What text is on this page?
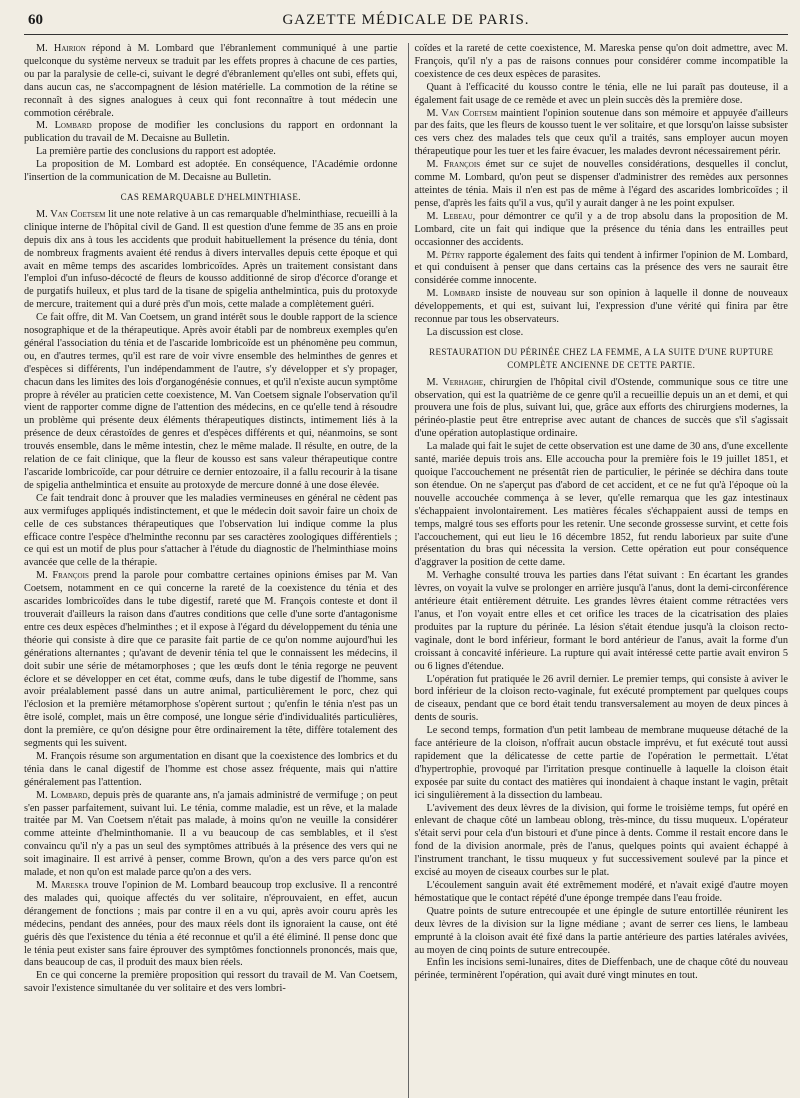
60	GAZETTE MÉDICALE DE PARIS.

M. Hairion répond à M. Lombard que l'ébranlement communiqué à une partie quelconque du système nerveux se traduit par les effets propres à chacune de ces parties, ou par la paralysie de celle-ci, suivant le degré d'ébranlement qu'elles ont subi, effets qui, dans aucun cas, ne s'accompagnent de lésion matérielle. La commotion de la rétine se reconnaît à des signes analogues à ceux qui font reconnaître à tout médecin une commotion cérébrale.

M. Lombard propose de modifier les conclusions du rapport en ordonnant la publication du travail de M. Decaisne au Bulletin.

La première partie des conclusions du rapport est adoptée.

La proposition de M. Lombard est adoptée. En conséquence, l'Académie ordonne l'insertion de la communication de M. Decaisne au Bulletin.

CAS REMARQUABLE D'HELMINTHIASE.

M. Van Coetsem lit une note relative à un cas remarquable d'helminthiase, recueilli à la clinique interne de l'hôpital civil de Gand. Il est question d'une femme de 35 ans en proie depuis dix ans à tous les accidents que produit habituellement la présence du ténia, dont de nombreux fragments avaient été rendus à divers intervalles depuis cette époque et qui avait en même temps des ascarides lombricoïdes. Après un traitement consistant dans l'emploi d'un infuso-décocté de fleurs de kousso additionné de sirop d'écorce d'orange et de purgatifs huileux, et plus tard de la tisane de spigelia anthelmintica, puis du protoxyde de mercure, traitement qui a duré près d'un mois, cette malade a complètement guéri.

Ce fait offre, dit M. Van Coetsem, un grand intérêt sous le double rapport de la science nosographique et de la thérapeutique. Après avoir établi par de nombreux exemples qu'en général l'association du ténia et de l'ascaride lombricoïde est un phénomène peu commun, ou, en d'autres termes, qu'il est rare de voir vivre ensemble des helminthes de genres et d'espèces si différents, l'un indépendamment de l'autre, s'y développer et s'y propager, chacun dans les limites des lois d'organogénésie connues, et qu'il n'existe aucun symptôme propre à révéler au praticien cette coexistence, M. Van Coetsem signale l'observation qu'il vient de rapporter comme digne de l'attention des médecins, en ce qu'elle tend à résoudre un problème qui présente deux éléments thérapeutiques distincts, intimement liés à la présence de deux cérastoïdes de genres et d'espèces différents et qui, néanmoins, se sont trouvés ensemble, dans le même intestin, chez le même malade. Il résulte, en outre, de la relation de ce fait clinique, que la fleur de kousso est sans valeur thérapeutique contre l'ascaride lombricoïde, car pour détruire ce dernier entozoaire, il a fallu recourir à la tisane de spigelia anthelmintica et ensuite au protoxyde de mercure donné à une dose élevée.

Ce fait tendrait donc à prouver que les maladies vermineuses en général ne cèdent pas aux vermifuges appliqués indistinctement, et que le médecin doit savoir faire un choix de celle de ces substances thérapeutiques que l'observation lui indique comme la plus efficace contre l'espèce d'helminthe reconnu par ses caractères zoologiques différentiels ; ce qui est un motif de plus pour s'attacher à l'étude du diagnostic de l'helminthiase moins avancée que celle de la thérapie.

M. François prend la parole pour combattre certaines opinions émises par M. Van Coetsem, notamment en ce qui concerne la rareté de la coexistence du ténia et des ascarides lombricoïdes dans le tube digestif, rareté que M. François conteste et dont il trouverait d'ailleurs la raison dans d'autres conditions que celle d'une sorte d'antagonisme entre ces deux espèces d'helminthes ; et il expose à l'égard du développement du ténia une théorie qui consiste à dire que ce parasite fait partie de ce qu'on nomme aujourd'hui les générations alternantes ; qu'avant de devenir ténia tel que le connaissent les médecins, il doit subir une série de métamorphoses ; que les œufs dont le ténia regorge ne peuvent éclore et se développer en cet état, comme œufs, dans le tube digestif de l'homme, sans avoir préalablement passé dans un autre animal, particulièrement le porc, chez qui l'éclosion et la première métamorphose s'opèrent surtout ; qu'enfin le ténia n'est pas un être isolé, complet, mais un être composé, une longue série d'individualités particulières, dont la première, ce qu'on désigne pour être ordinairement la tête, diffère totalement des segments qui les suivent.

M. François résume son argumentation en disant que la coexistence des lombrics et du ténia dans le canal digestif de l'homme est chose assez fréquente, mais qui n'attire généralement pas l'attention.

M. Lombard, depuis près de quarante ans, n'a jamais administré de vermifuge ; on peut s'en passer parfaitement, suivant lui. Le ténia, comme maladie, est un rêve, et la malade traitée par M. Van Coetsem n'était pas malade, à moins qu'on ne veuille la considérer comme atteinte d'helminthomanie. Il a vu beaucoup de cas semblables, et il s'est convaincu qu'il n'y a pas un seul des symptômes attribués à la présence des vers qui ne soit imaginaire. Il est arrivé à penser, comme Brown, qu'on a des vers parce qu'on est malade, et non qu'on est malade parce qu'on a des vers.

M. Mareska trouve l'opinion de M. Lombard beaucoup trop exclusive. Il a rencontré des malades qui, quoique affectés du ver solitaire, n'éprouvaient, en effet, aucun dérangement de fonctions ; mais par contre il en a vu qui, après avoir couru après les médecins, pendant des années, pour des maux réels dont ils ignoraient la cause, ont été guéris dès que l'existence du ténia a été reconnue et qu'il a été éliminé. Il pense donc que le ténia peut exister sans faire éprouver des symptômes fonctionnels prononcés, mais que, dans beaucoup de cas, il produit des maux bien réels.

En ce qui concerne la première proposition qui ressort du travail de M. Van Coetsem, savoir l'existence simultanée du ver solitaire et des vers lombri-

coïdes et la rareté de cette coexistence, M. Mareska pense qu'on doit admettre, avec M. François, qu'il n'y a pas de raisons connues pour considérer comme incompatible la coexistence de ces deux espèces de parasites.

Quant à l'efficacité du kousso contre le ténia, elle ne lui paraît pas douteuse, il a également fait usage de ce remède et avec un plein succès dès la première dose.

M. Van Coetsem maintient l'opinion soutenue dans son mémoire et appuyée d'ailleurs par des faits, que les fleurs de kousso tuent le ver solitaire, et que lorsqu'on laisse subsister ces vers chez des malades tels que ceux qu'il a traités, sans employer aucun moyen thérapeutique pour les tuer et les faire évacuer, les malades devront nécessairement périr.

M. François émet sur ce sujet de nouvelles considérations, desquelles il conclut, comme M. Lombard, qu'on peut se dispenser d'administrer des remèdes aux personnes atteintes de ténia. Mais il n'en est pas de même à l'égard des ascarides lombricoïdes ; il pense, d'après les faits qu'il a vus, qu'il y aurait danger à ne les point expulser.

M. Lebeau, pour démontrer ce qu'il y a de trop absolu dans la proposition de M. Lombard, cite un fait qui indique que la présence du ténia dans les entrailles peut occasionner des accidents.

M. Pétry rapporte également des faits qui tendent à infirmer l'opinion de M. Lombard, et qui conduisent à penser que dans certains cas la présence des vers ne saurait être considérée comme innocente.

M. Lombard insiste de nouveau sur son opinion à laquelle il donne de nouveaux développements, et qui est, suivant lui, l'expression d'une vérité qui finira par être reconnue par tous les observateurs.

La discussion est close.

RESTAURATION DU PÉRINÉE CHEZ LA FEMME, A LA SUITE D'UNE RUPTURE
COMPLÈTE ANCIENNE DE CETTE PARTIE.

M. Verhaghe, chirurgien de l'hôpital civil d'Ostende, communique sous ce titre une observation, qui est la quatrième de ce genre qu'il a recueillie depuis un an et demi, et qui prouvera une fois de plus, suivant lui, que, grâce aux efforts des chirurgiens modernes, la périnéo-plastie peut être entreprise avec autant de chances de succès que s'il s'agissait d'une opération autoplastique ordinaire.

La malade qui fait le sujet de cette observation est une dame de 30 ans, d'une excellente santé, mariée depuis trois ans. Elle accoucha pour la première fois le 19 juillet 1851, et quoique l'accouchement ne présentât rien de particulier, le périnée se déchira dans toute son étendue. On ne s'aperçut pas d'abord de cet accident, et ce ne fut qu'à l'époque où la nouvelle accouchée commença à se lever, qu'elle remarqua que les gaz intestinaux s'échappaient involontairement. Les matières fécales s'échappaient aussi de temps en temps, malgré tous ses efforts pour les retenir. Une seconde grossesse survint, et cette fois l'accouchement, qui eut lieu le 16 décembre 1852, fut rendu laborieux par suite d'une présentation du bras qui nécessita la version. Cette opération eut pour conséquence d'aggraver la position de cette dame.

M. Verhaghe consulté trouva les parties dans l'état suivant : En écartant les grandes lèvres, on voyait la vulve se prolonger en arrière jusqu'à l'anus, dont la demi-circonférence antérieure était entièrement détruite. Les grandes lèvres étaient comme rétractées vers l'anus, et l'on voyait entre elles et cet orifice les traces de la cicatrisation des plaies produites par la rupture du périnée. La lésion s'était étendue jusqu'à la cloison recto-vaginale, dont le bord inférieur, formant le bord antérieur de l'anus, avait la forme d'un croissant à concavité inférieure. La rupture qui avait intéressé cette partie avait environ 5 ou 6 lignes d'étendue.

L'opération fut pratiquée le 26 avril dernier. Le premier temps, qui consiste à aviver le bord inférieur de la cloison recto-vaginale, fut exécuté promptement par quelques coups de ciseaux, pendant que ce bord était tendu transversalement au moyen de deux pinces à dents de souris.

Le second temps, formation d'un petit lambeau de membrane muqueuse détaché de la face antérieure de la cloison, n'offrait aucun obstacle imprévu, et fut exécuté tout aussi rapidement que la délicatesse de cette partie de l'opération le permettait. L'état d'hypertrophie, provoqué par l'irritation presque continuelle à laquelle la cloison était exposée par suite du contact des matières qui inondaient à chaque instant le vagin, prêtait ici singulièrement à la dissection du lambeau.

L'avivement des deux lèvres de la division, qui forme le troisième temps, fut opéré en enlevant de chaque côté un lambeau oblong, très-mince, du tissu muqueux. L'opérateur s'était servi pour cela d'un bistouri et d'une pince à dents. Comme il restait encore dans le fond de la division anormale, près de l'anus, quelques points qui avaient échappé à l'instrument tranchant, le tissu muqueux y fut successivement soulevé par la pince et excisé au moyen de ciseaux courbes sur le plat.

L'écoulement sanguin avait été extrêmement modéré, et n'avait exigé d'autre moyen hémostatique que le contact répété d'une éponge trempée dans l'eau froide.

Quatre points de suture entrecoupée et une épingle de suture entortillée réunirent les deux lèvres de la division sur la ligne médiane ; avant de serrer ces liens, le lambeau emprunté à la cloison avait été fixé dans la partie antérieure des parties latérales avivées, au moyen de cinq points de suture entrecoupée.

Enfin les incisions semi-lunaires, dites de Dieffenbach, une de chaque côté du nouveau périnée, terminèrent l'opération, qui avait duré vingt minutes en tout.
